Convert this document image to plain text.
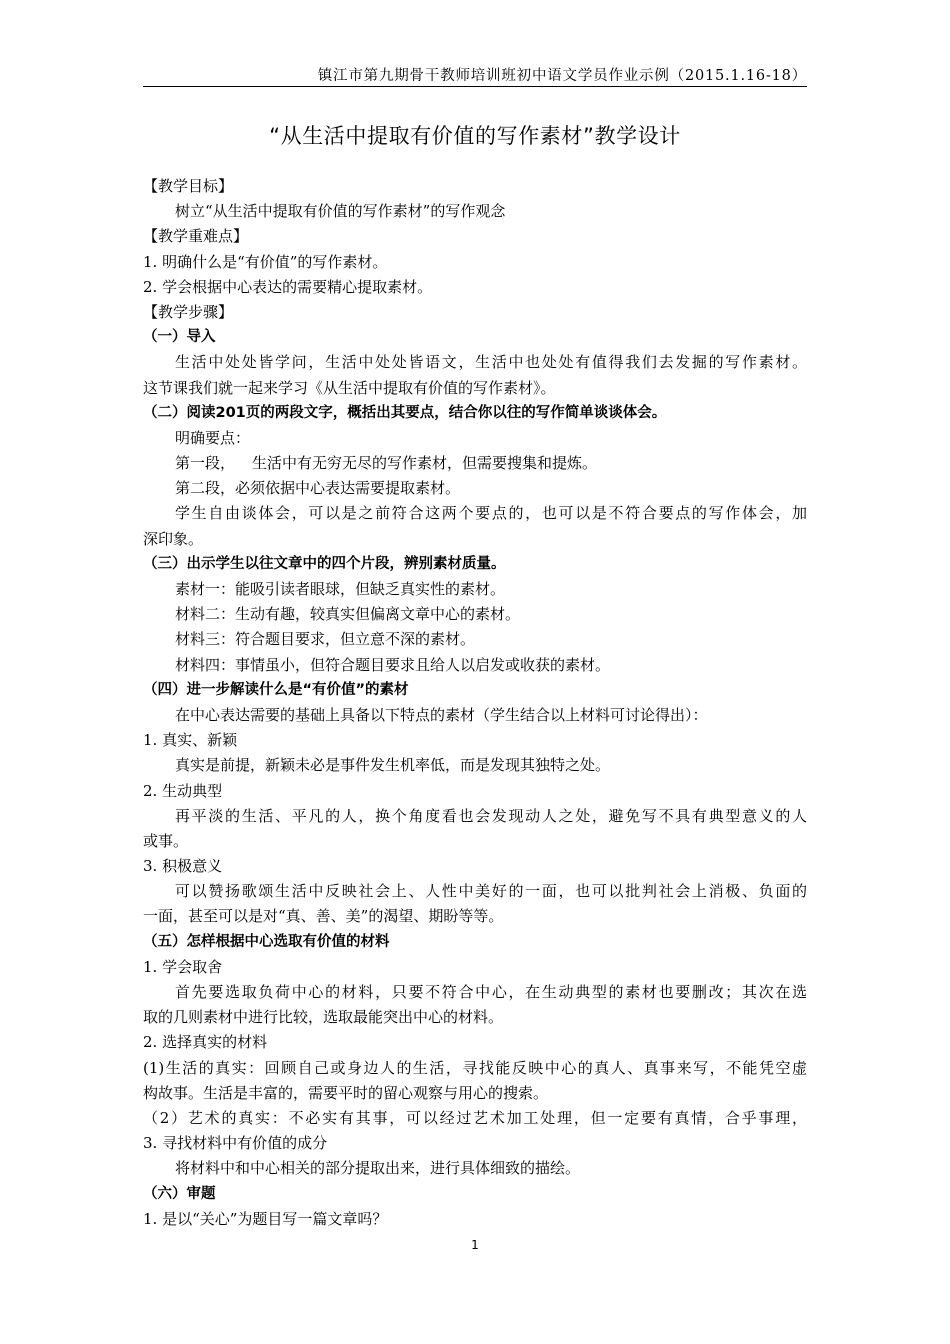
镇江市第九期骨干教师培训班初中语文学员作业示例（2015.1.16-18）
“从生活中提取有价值的写作素材”教学设计
【教学目标】
树立“从生活中提取有价值的写作素材”的写作观念
【教学重难点】
1. 明确什么是“有价值”的写作素材。
2. 学会根据中心表达的需要精心提取素材。
【教学步骤】
（一）导入
生活中处处皆学问，生活中处处皆语文，生活中也处处有值得我们去发掘的写作素材。
这节课我们就一起来学习《从生活中提取有价值的写作素材》。
（二）阅读201页的两段文字，概括出其要点，结合你以往的写作简单谈谈体会。
明确要点：
第一段，　  生活中有无穷无尽的写作素材，但需要搜集和提炼。
第二段，必须依据中心表达需要提取素材。
学生自由谈体会，可以是之前符合这两个要点的，也可以是不符合要点的写作体会，加
深印象。
（三）出示学生以往文章中的四个片段，辨别素材质量。
素材一：能吸引读者眼球，但缺乏真实性的素材。
材料二：生动有趣，较真实但偏离文章中心的素材。
材料三：符合题目要求，但立意不深的素材。
材料四：事情虽小，但符合题目要求且给人以启发或收获的素材。
（四）进一步解读什么是“有价值”的素材
在中心表达需要的基础上具备以下特点的素材（学生结合以上材料可讨论得出）：
1. 真实、新颖
真实是前提，新颖未必是事件发生机率低，而是发现其独特之处。
2. 生动典型
再平淡的生活、平凡的人，换个角度看也会发现动人之处，避免写不具有典型意义的人
或事。
3. 积极意义
可以赞扬歌颂生活中反映社会上、人性中美好的一面，也可以批判社会上消极、负面的
一面，甚至可以是对“真、善、美”的渴望、期盼等等。
（五）怎样根据中心选取有价值的材料
1. 学会取舍
首先要选取负荷中心的材料，只要不符合中心，在生动典型的素材也要删改；其次在选
取的几则素材中进行比较，选取最能突出中心的材料。
2. 选择真实的材料
(1)生活的真实：回顾自己或身边人的生活，寻找能反映中心的真人、真事来写，不能凭空虚
构故事。生活是丰富的，需要平时的留心观察与用心的搜索。
（2）艺术的真实：不必实有其事，可以经过艺术加工处理，但一定要有真情，合乎事理，
3. 寻找材料中有价值的成分
将材料中和中心相关的部分提取出来，进行具体细致的描绘。
（六）审题
1. 是以“关心”为题目写一篇文章吗？
1
